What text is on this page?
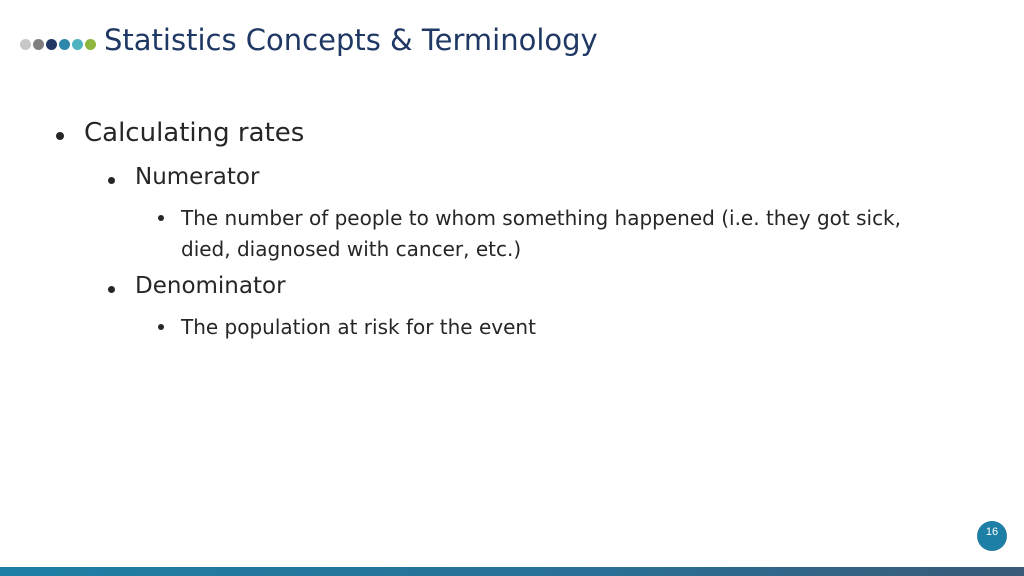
Statistics Concepts & Terminology
Calculating rates
Numerator
The number of people to whom something happened (i.e. they got sick, died, diagnosed with cancer, etc.)
Denominator
The population at risk for the event
16
